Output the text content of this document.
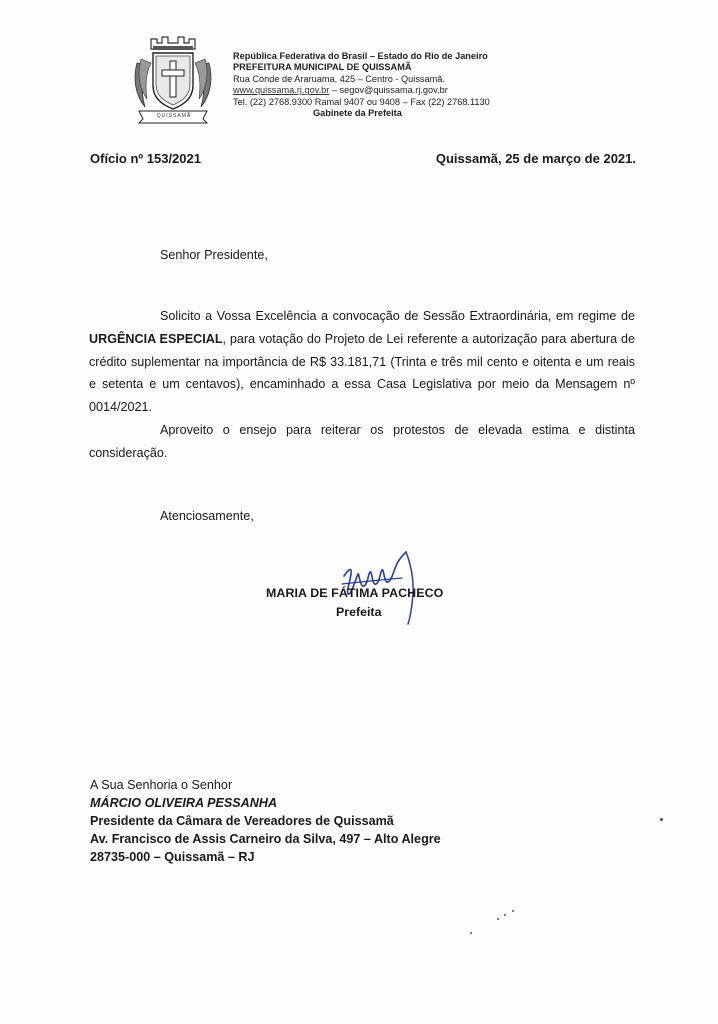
QUISSAMÃ
República Federativa do Brasil – Estado do Rio de Janeiro
PREFEITURA MUNICIPAL DE QUISSAMÃ
Rua Conde de Araruama, 425 – Centro - Quissamã.
www.quissama.rj.gov.br – segov@quissama.rj.gov.br
Tel. (22) 2768.9300 Ramal 9407 ou 9408 – Fax (22) 2768.1130
Gabinete da Prefeita
Ofício nº 153/2021	Quissamã, 25 de março de 2021.
Senhor Presidente,

Solicito a Vossa Excelência a convocação de Sessão Extraordinária, em regime de URGÊNCIA ESPECIAL, para votação do Projeto de Lei referente a autorização para abertura de crédito suplementar na importância de R$ 33.181,71 (Trinta e três mil cento e oitenta e um reais e setenta e um centavos), encaminhado a essa Casa Legislativa por meio da Mensagem nº 0014/2021.

Aproveito o ensejo para reiterar os protestos de elevada estima e distinta consideração.

Atenciosamente,
MARIA DE FÁTIMA PACHECO
Prefeita
A Sua Senhoria o Senhor
MÁRCIO OLIVEIRA PESSANHA
Presidente da Câmara de Vereadores de Quissamã
Av. Francisco de Assis Carneiro da Silva, 497 – Alto Alegre
28735-000 – Quissamã – RJ
